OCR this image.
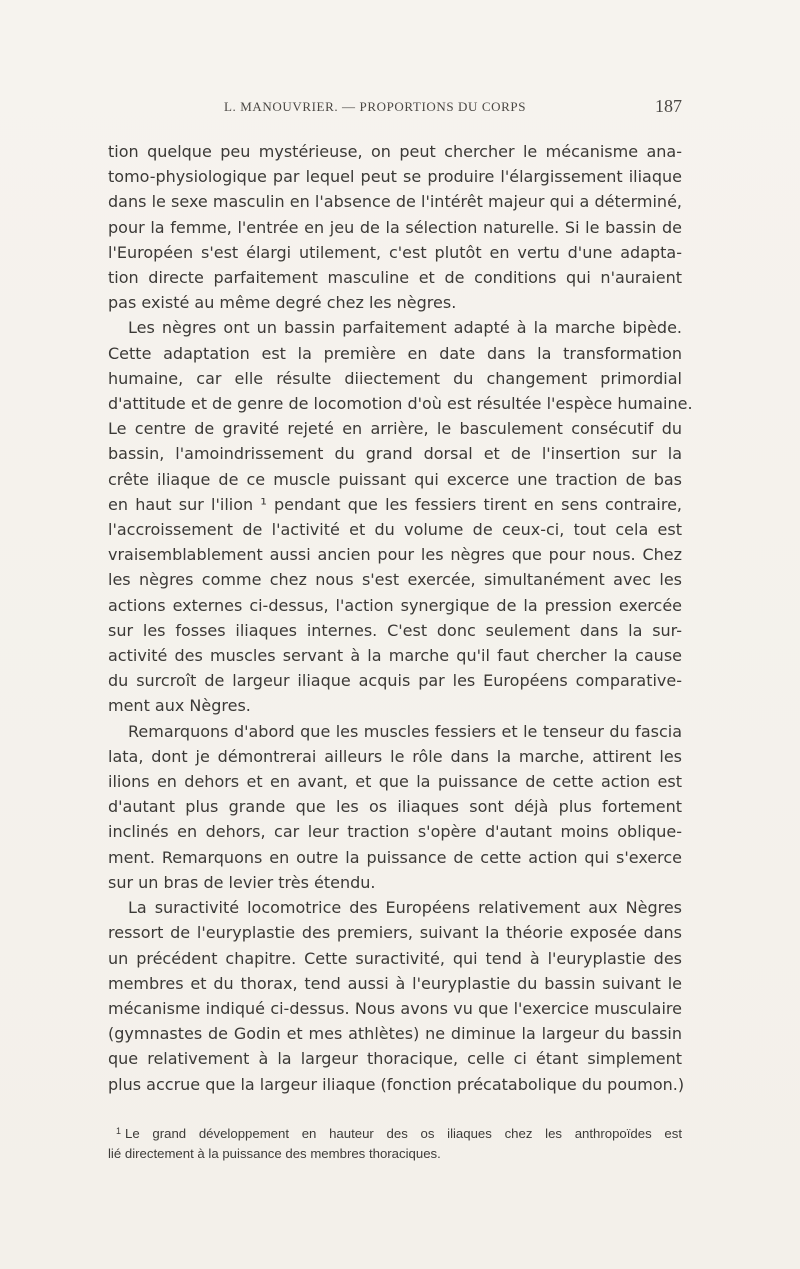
L. MANOUVRIER. — PROPORTIONS DU CORPS	187

tion quelque peu mystérieuse, on peut chercher le mécanisme ana-
tomo-physiologique par lequel peut se produire l'élargissement iliaque
dans le sexe masculin en l'absence de l'intérêt majeur qui a déterminé,
pour la femme, l'entrée en jeu de la sélection naturelle. Si le bassin de
l'Européen s'est élargi utilement, c'est plutôt en vertu d'une adapta-
tion directe parfaitement masculine et de conditions qui n'auraient
pas existé au même degré chez les nègres.

Les nègres ont un bassin parfaitement adapté à la marche bipède.
Cette adaptation est la première en date dans la transformation
humaine, car elle résulte diiectement du changement primordial
d'attitude et de genre de locomotion d'où est résultée l'espèce humaine.
Le centre de gravité rejeté en arrière, le basculement consécutif du
bassin, l'amoindrissement du grand dorsal et de l'insertion sur la
crête iliaque de ce muscle puissant qui excerce une traction de bas
en haut sur l'ilion ¹ pendant que les fessiers tirent en sens contraire,
l'accroissement de l'activité et du volume de ceux-ci, tout cela est
vraisemblablement aussi ancien pour les nègres que pour nous. Chez
les nègres comme chez nous s'est exercée, simultanément avec les
actions externes ci-dessus, l'action synergique de la pression exercée
sur les fosses iliaques internes. C'est donc seulement dans la sur-
activité des muscles servant à la marche qu'il faut chercher la cause
du surcroît de largeur iliaque acquis par les Européens comparative-
ment aux Nègres.

Remarquons d'abord que les muscles fessiers et le tenseur du fascia
lata, dont je démontrerai ailleurs le rôle dans la marche, attirent les
ilions en dehors et en avant, et que la puissance de cette action est
d'autant plus grande que les os iliaques sont déjà plus fortement
inclinés en dehors, car leur traction s'opère d'autant moins oblique-
ment. Remarquons en outre la puissance de cette action qui s'exerce
sur un bras de levier très étendu.

La suractivité locomotrice des Européens relativement aux Nègres
ressort de l'euryplastie des premiers, suivant la théorie exposée dans
un précédent chapitre. Cette suractivité, qui tend à l'euryplastie des
membres et du thorax, tend aussi à l'euryplastie du bassin suivant le
mécanisme indiqué ci-dessus. Nous avons vu que l'exercice musculaire
(gymnastes de Godin et mes athlètes) ne diminue la largeur du bassin
que relativement à la largeur thoracique, celle ci étant simplement
plus accrue que la largeur iliaque (fonction précatabolique du poumon.)

$^1$ Le grand développement en hauteur des os iliaques chez les anthropoïdes est
lié directement à la puissance des membres thoraciques.
